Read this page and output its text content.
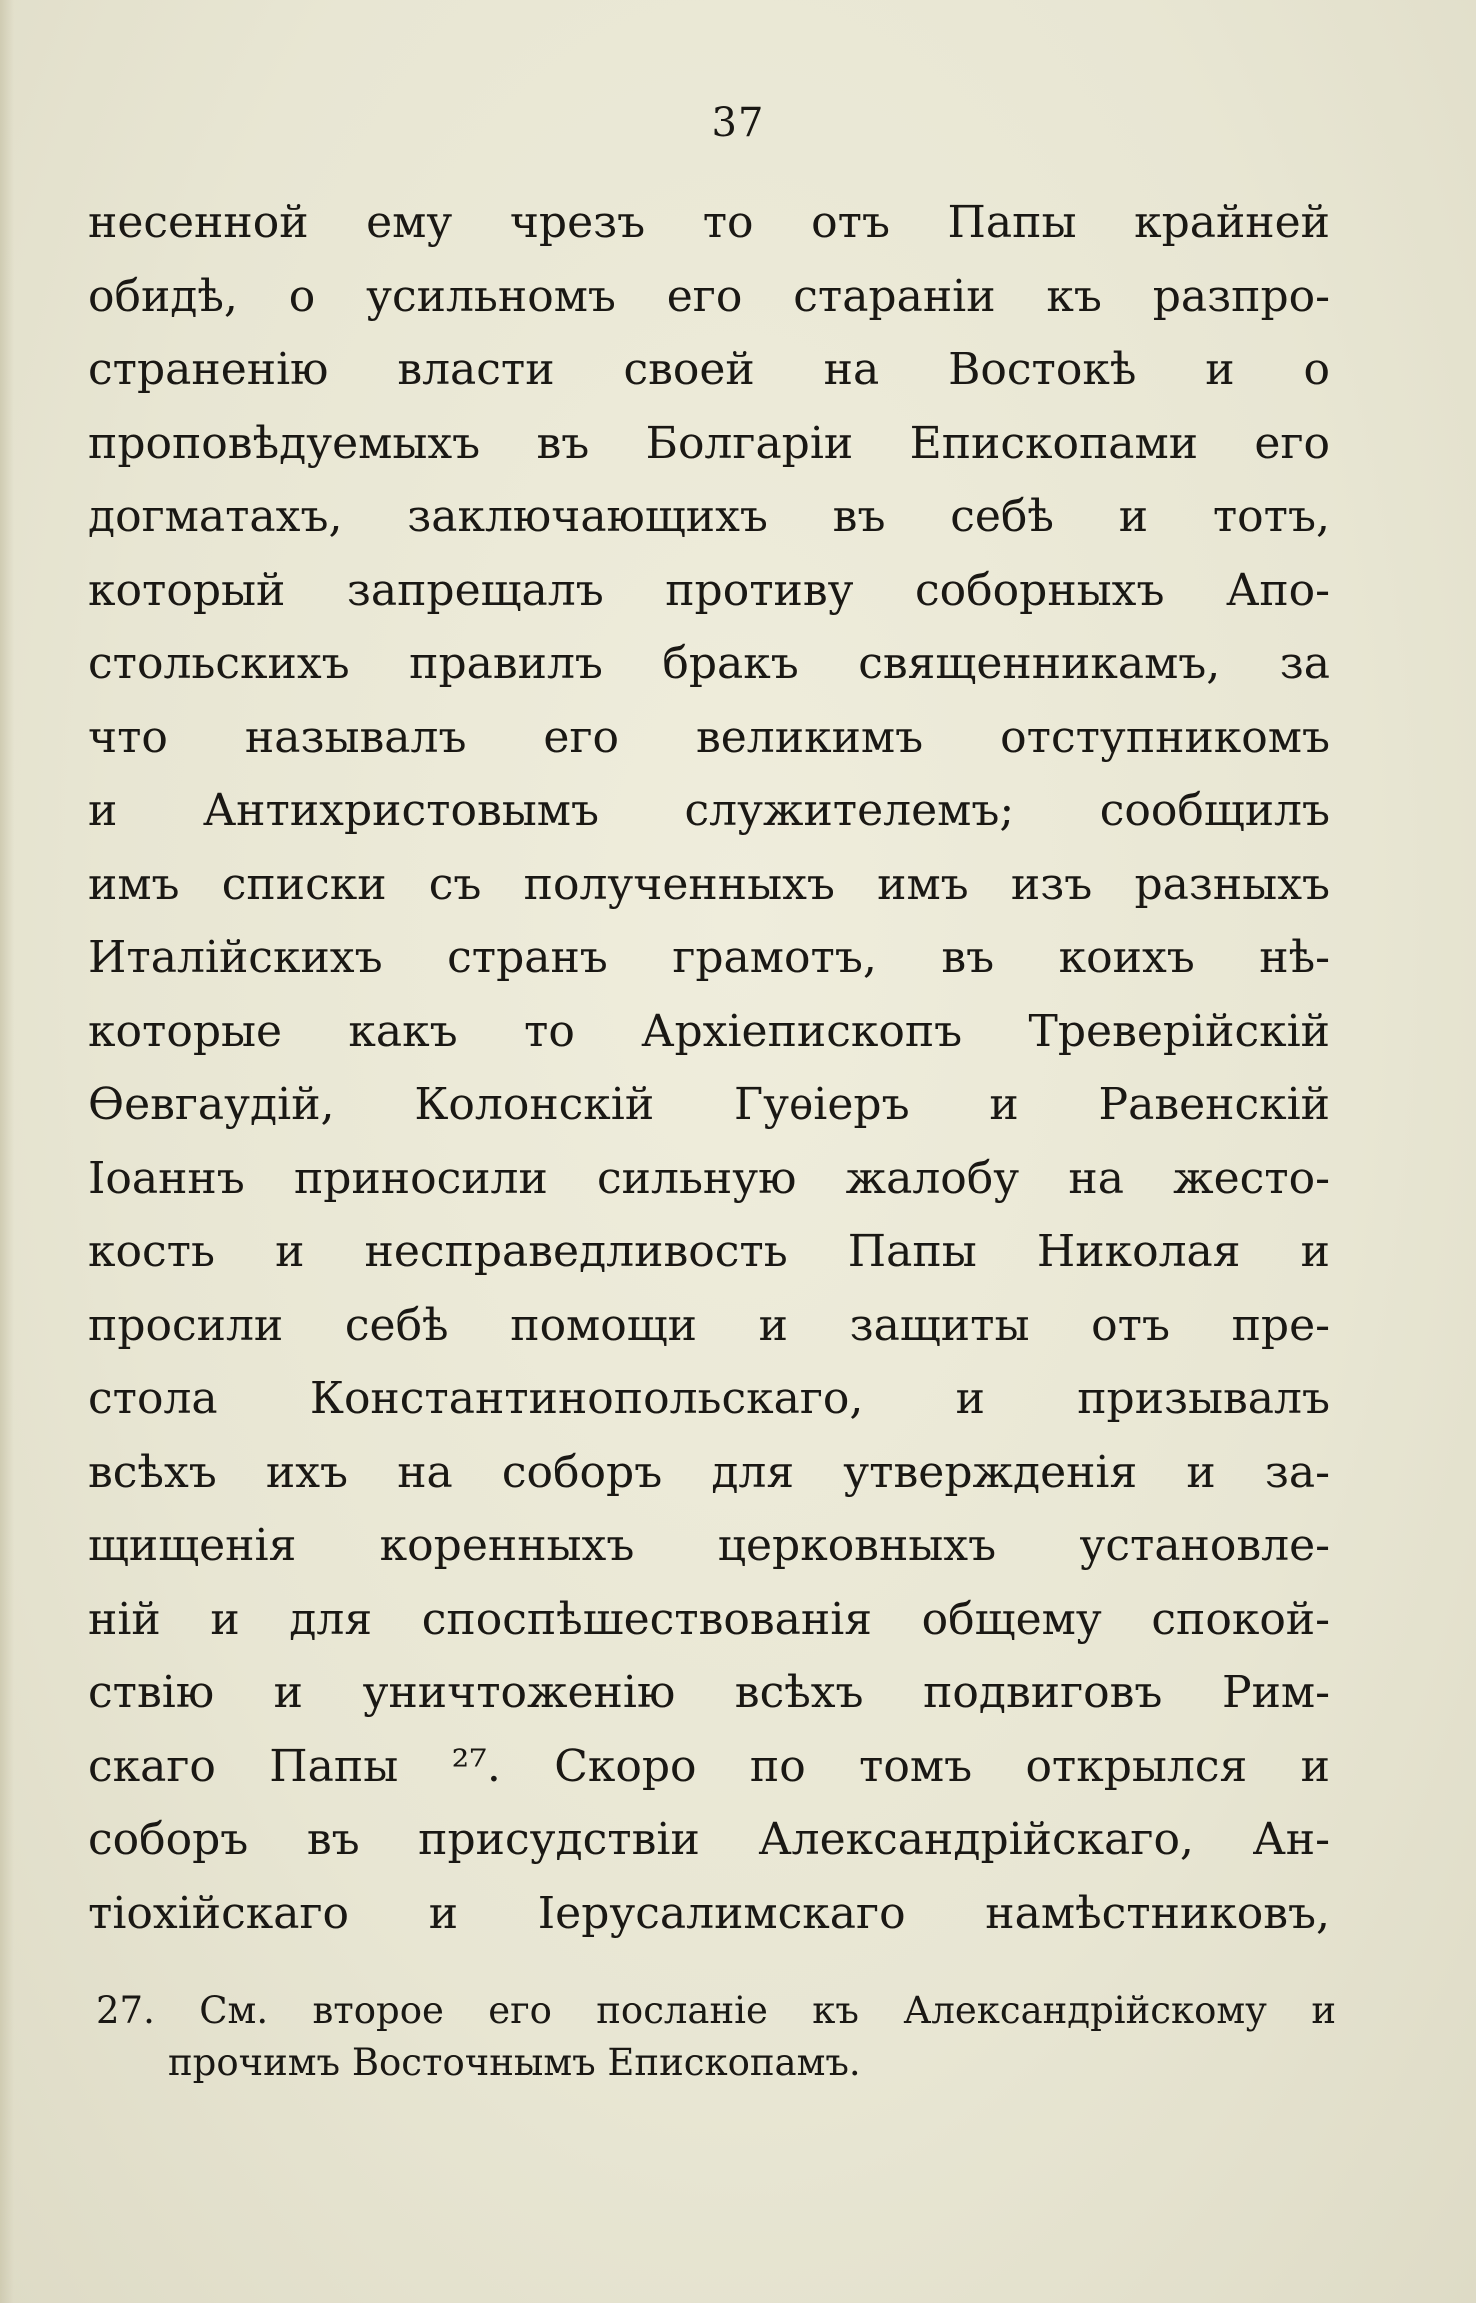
37
несенной ему чрезъ то отъ Папы крайней
обидѣ, о усильномъ его старанiи къ разпро-
страненiю власти своей на Востокѣ и о
проповѣдуемыхъ въ Болгарiи Епископами его
догматахъ, заключающихъ въ себѣ и тотъ,
который запрещалъ противу соборныхъ Апо-
стольскихъ правилъ бракъ священникамъ, за
что называлъ его великимъ отступникомъ
и Антихристовымъ служителемъ; сообщилъ
имъ списки съ полученныхъ имъ изъ разныхъ
Италiйскихъ странъ грамотъ, въ коихъ нѣ-
которые какъ то Архiепископъ Треверiйскiй
Ѳевгаудiй, Колонскiй Гуѳiеръ и Равенскiй
Iоаннъ приносили сильную жалобу на жесто-
кость и несправедливость Папы Николая и
просили себѣ помощи и защиты отъ пре-
стола Константинопольскаго, и призывалъ
всѣхъ ихъ на соборъ для утвержденiя и за-
щищенiя коренныхъ церковныхъ установле-
нiй и для споспѣшествованiя общему спокой-
ствiю и уничтоженiю всѣхъ подвиговъ Рим-
скаго Папы ²⁷. Скоро по томъ открылся и
соборъ въ присудствiи Александрiйскаго, Ан-
тiохiйскаго и Iерусалимскаго намѣстниковъ,
27. См. второе его посланiе къ Александрiйскому и
прочимъ Восточнымъ Епископамъ.
